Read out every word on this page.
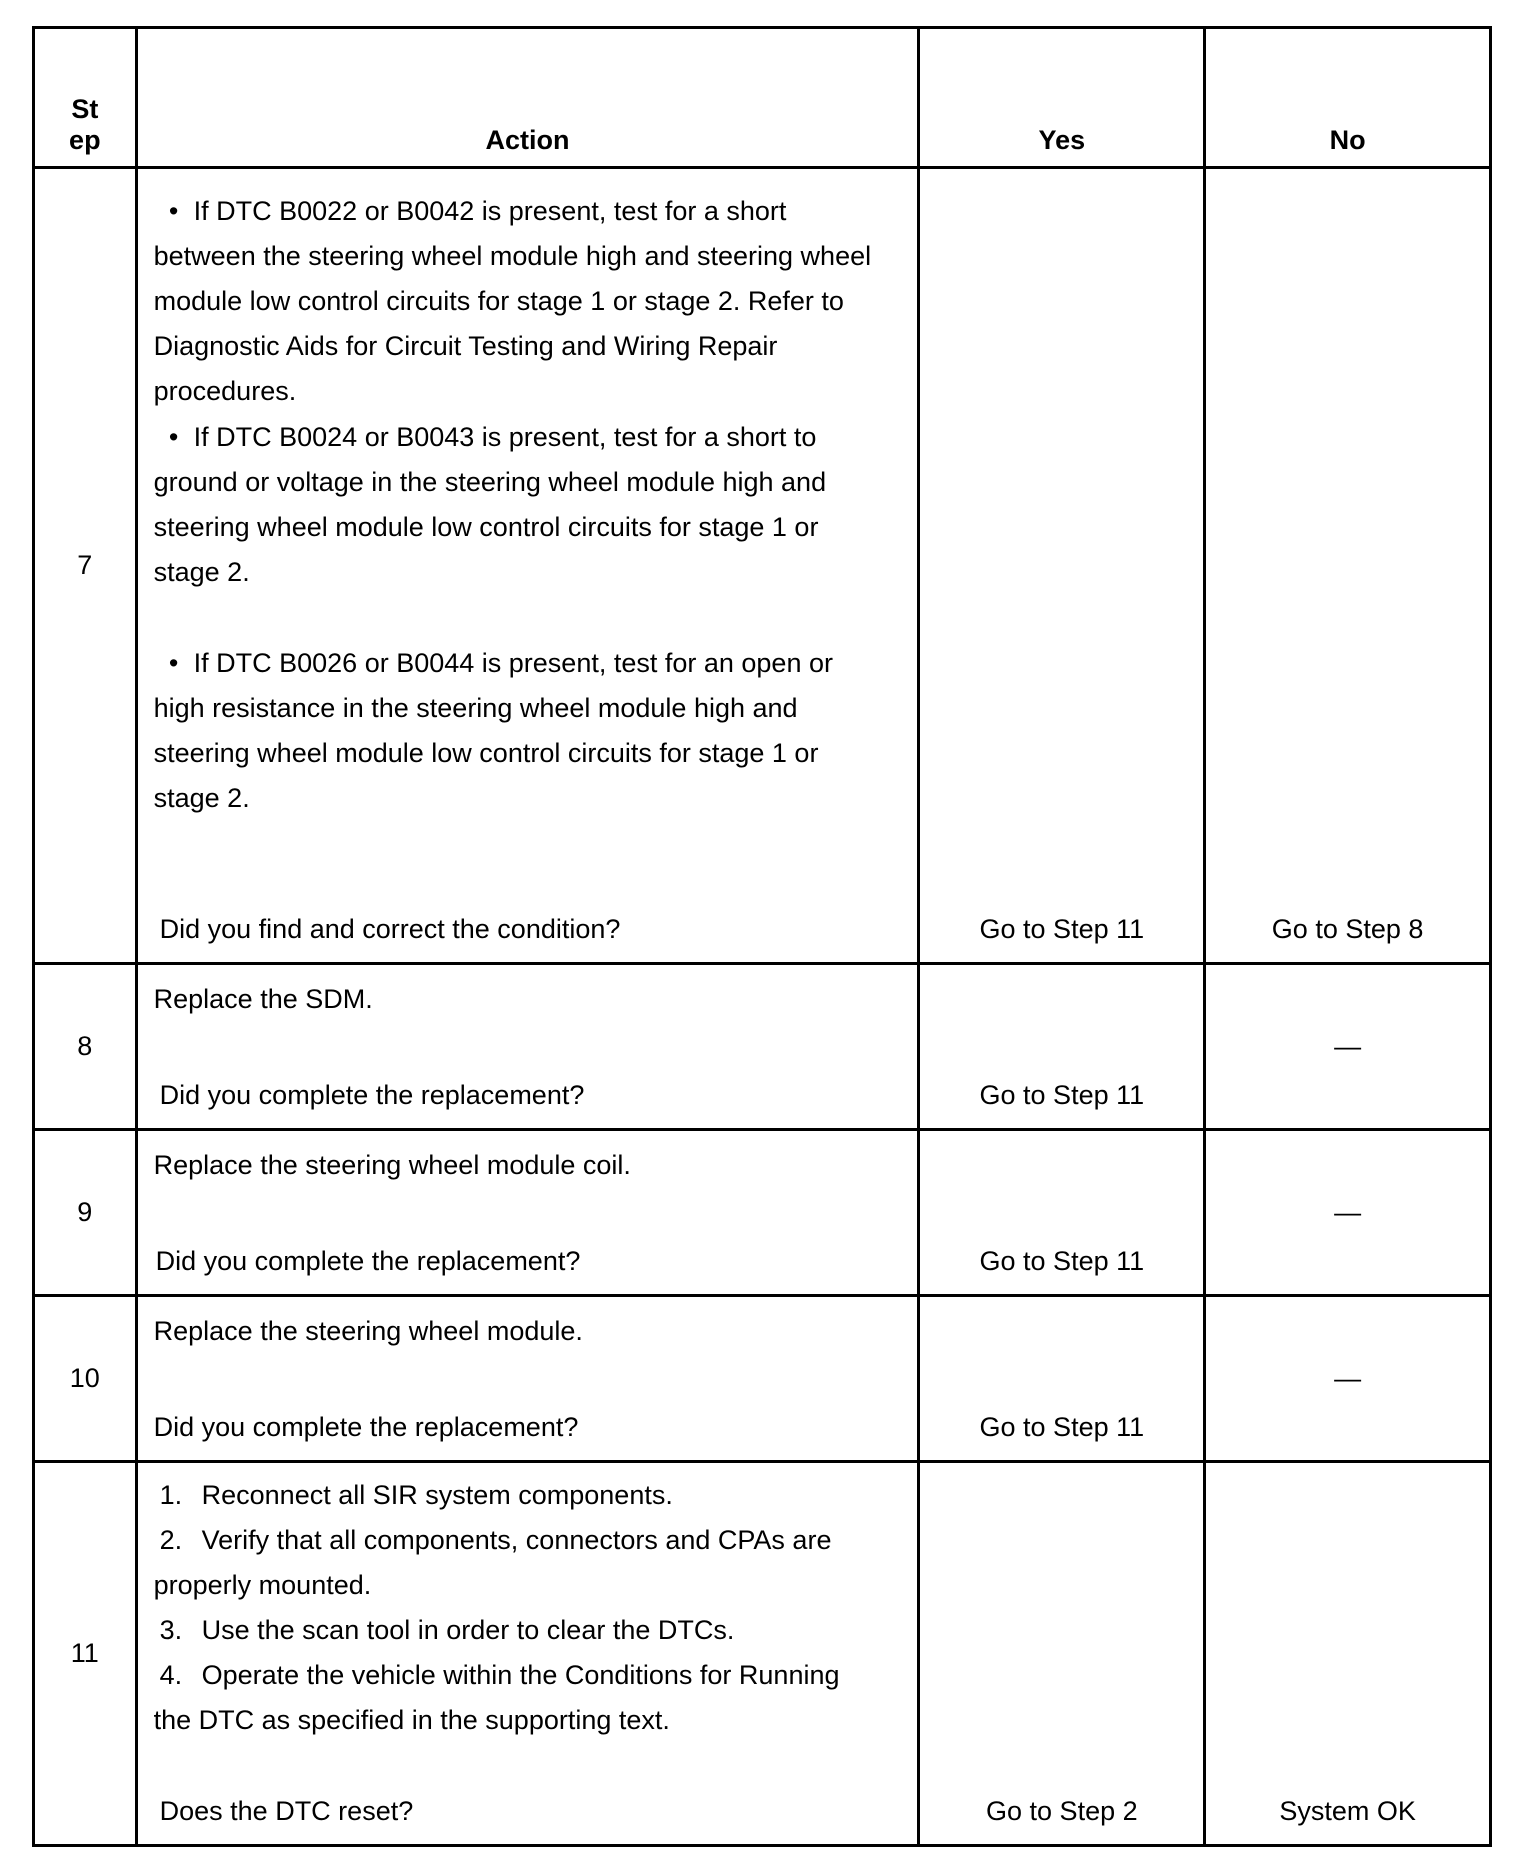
St
ep	Action	Yes	No
7	• If DTC B0022 or B0042 is present, test for a short between the steering wheel module high and steering wheel module low control circuits for stage 1 or stage 2. Refer to Diagnostic Aids for Circuit Testing and Wiring Repair procedures.
• If DTC B0024 or B0043 is present, test for a short to ground or voltage in the steering wheel module high and steering wheel module low control circuits for stage 1 or stage 2.
• If DTC B0026 or B0044 is present, test for an open or high resistance in the steering wheel module high and steering wheel module low control circuits for stage 1 or stage 2.
Did you find and correct the condition?	Go to Step 11	Go to Step 8

8	Replace the SDM.
Did you complete the replacement?	Go to Step 11	—

9	Replace the steering wheel module coil.
Did you complete the replacement?	Go to Step 11	—

10	Replace the steering wheel module.
Did you complete the replacement?	Go to Step 11	—

11	1. Reconnect all SIR system components.
2. Verify that all components, connectors and CPAs are properly mounted.
3. Use the scan tool in order to clear the DTCs.
4. Operate the vehicle within the Conditions for Running the DTC as specified in the supporting text.
Does the DTC reset?	Go to Step 2	System OK
